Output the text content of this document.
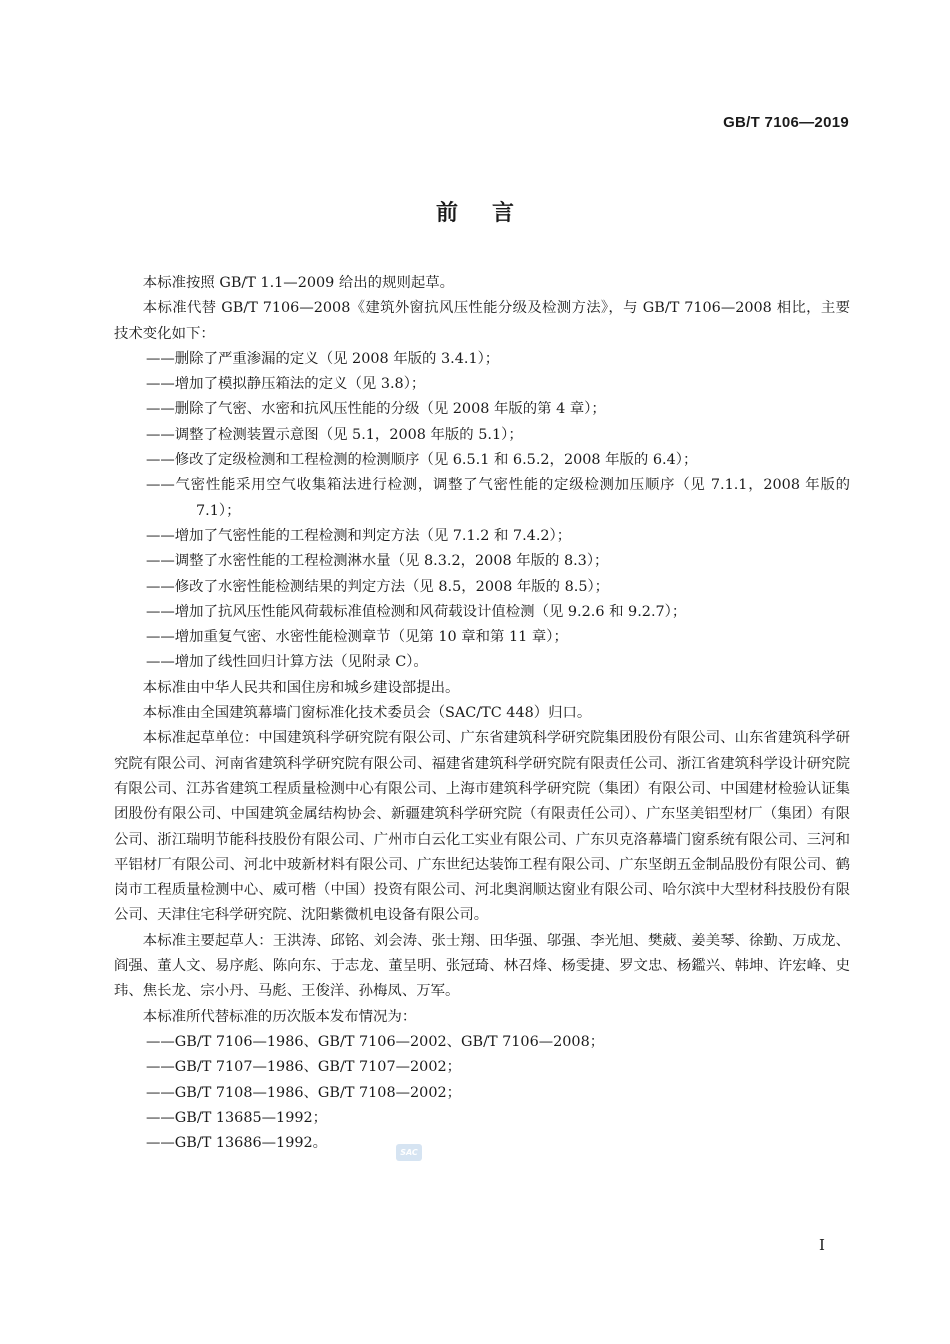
GB/T 7106—2019
前言

本标准按照 GB/T 1.1—2009 给出的规则起草。

本标准代替 GB/T 7106—2008《建筑外窗抗风压性能分级及检测方法》，与 GB/T 7106—2008 相比，主要技术变化如下：

——删除了严重渗漏的定义（见 2008 年版的 3.4.1）；

——增加了模拟静压箱法的定义（见 3.8）；

——删除了气密、水密和抗风压性能的分级（见 2008 年版的第 4 章）；

——调整了检测装置示意图（见 5.1，2008 年版的 5.1）；

——修改了定级检测和工程检测的检测顺序（见 6.5.1 和 6.5.2，2008 年版的 6.4）；

——气密性能采用空气收集箱法进行检测，调整了气密性能的定级检测加压顺序（见 7.1.1，2008 年版的 7.1）；

——增加了气密性能的工程检测和判定方法（见 7.1.2 和 7.4.2）；

——调整了水密性能的工程检测淋水量（见 8.3.2，2008 年版的 8.3）；

——修改了水密性能检测结果的判定方法（见 8.5，2008 年版的 8.5）；

——增加了抗风压性能风荷载标准值检测和风荷载设计值检测（见 9.2.6 和 9.2.7）；

——增加重复气密、水密性能检测章节（见第 10 章和第 11 章）；

——增加了线性回归计算方法（见附录 C）。

本标准由中华人民共和国住房和城乡建设部提出。

本标准由全国建筑幕墙门窗标准化技术委员会（SAC/TC 448）归口。

本标准起草单位：中国建筑科学研究院有限公司、广东省建筑科学研究院集团股份有限公司、山东省建筑科学研究院有限公司、河南省建筑科学研究院有限公司、福建省建筑科学研究院有限责任公司、浙江省建筑科学设计研究院有限公司、江苏省建筑工程质量检测中心有限公司、上海市建筑科学研究院（集团）有限公司、中国建材检验认证集团股份有限公司、中国建筑金属结构协会、新疆建筑科学研究院（有限责任公司）、广东坚美铝型材厂（集团）有限公司、浙江瑞明节能科技股份有限公司、广州市白云化工实业有限公司、广东贝克洛幕墙门窗系统有限公司、三河和平铝材厂有限公司、河北中玻新材料有限公司、广东世纪达装饰工程有限公司、广东坚朗五金制品股份有限公司、鹤岗市工程质量检测中心、威可楷（中国）投资有限公司、河北奥润顺达窗业有限公司、哈尔滨中大型材科技股份有限公司、天津住宅科学研究院、沈阳紫微机电设备有限公司。

本标准主要起草人：王洪涛、邱铭、刘会涛、张士翔、田华强、邬强、李光旭、樊葳、姜美琴、徐勤、万成龙、阎强、董人文、易序彪、陈向东、于志龙、董呈明、张冠琦、林召烽、杨雯捷、罗文忠、杨鑑兴、韩坤、许宏峰、史玮、焦长龙、宗小丹、马彪、王俊洋、孙梅凤、万军。

本标准所代替标准的历次版本发布情况为：

——GB/T 7106—1986、GB/T 7106—2002、GB/T 7106—2008；

——GB/T 7107—1986、GB/T 7107—2002；

——GB/T 7108—1986、GB/T 7108—2002；

——GB/T 13685—1992；

——GB/T 13686—1992。

SAC
I
